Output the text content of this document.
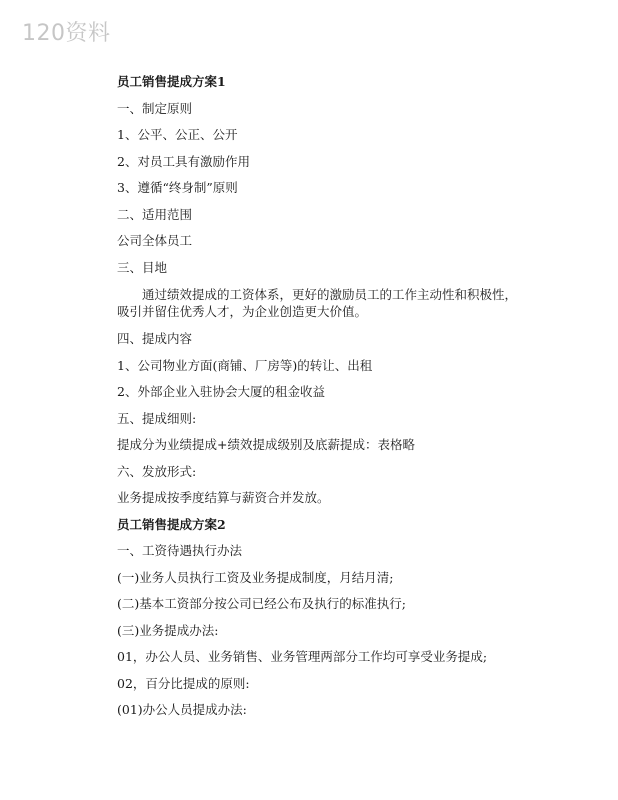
120资料
员工销售提成方案1
一、制定原则
1、公平、公正、公开
2、对员工具有激励作用
3、遵循“终身制”原则
二、适用范围
公司全体员工
三、目地
通过绩效提成的工资体系，更好的激励员工的工作主动性和积极性，吸引并留住优秀人才，为企业创造更大价值。
四、提成内容
1、公司物业方面(商铺、厂房等)的转让、出租
2、外部企业入驻协会大厦的租金收益
五、提成细则:
提成分为业绩提成+绩效提成级别及底薪提成：表格略
六、发放形式:
业务提成按季度结算与薪资合并发放。
员工销售提成方案2
一、工资待遇执行办法
(一)业务人员执行工资及业务提成制度，月结月清;
(二)基本工资部分按公司已经公布及执行的标准执行;
(三)业务提成办法:
01，办公人员、业务销售、业务管理两部分工作均可享受业务提成;
02，百分比提成的原则:
(01)办公人员提成办法:
